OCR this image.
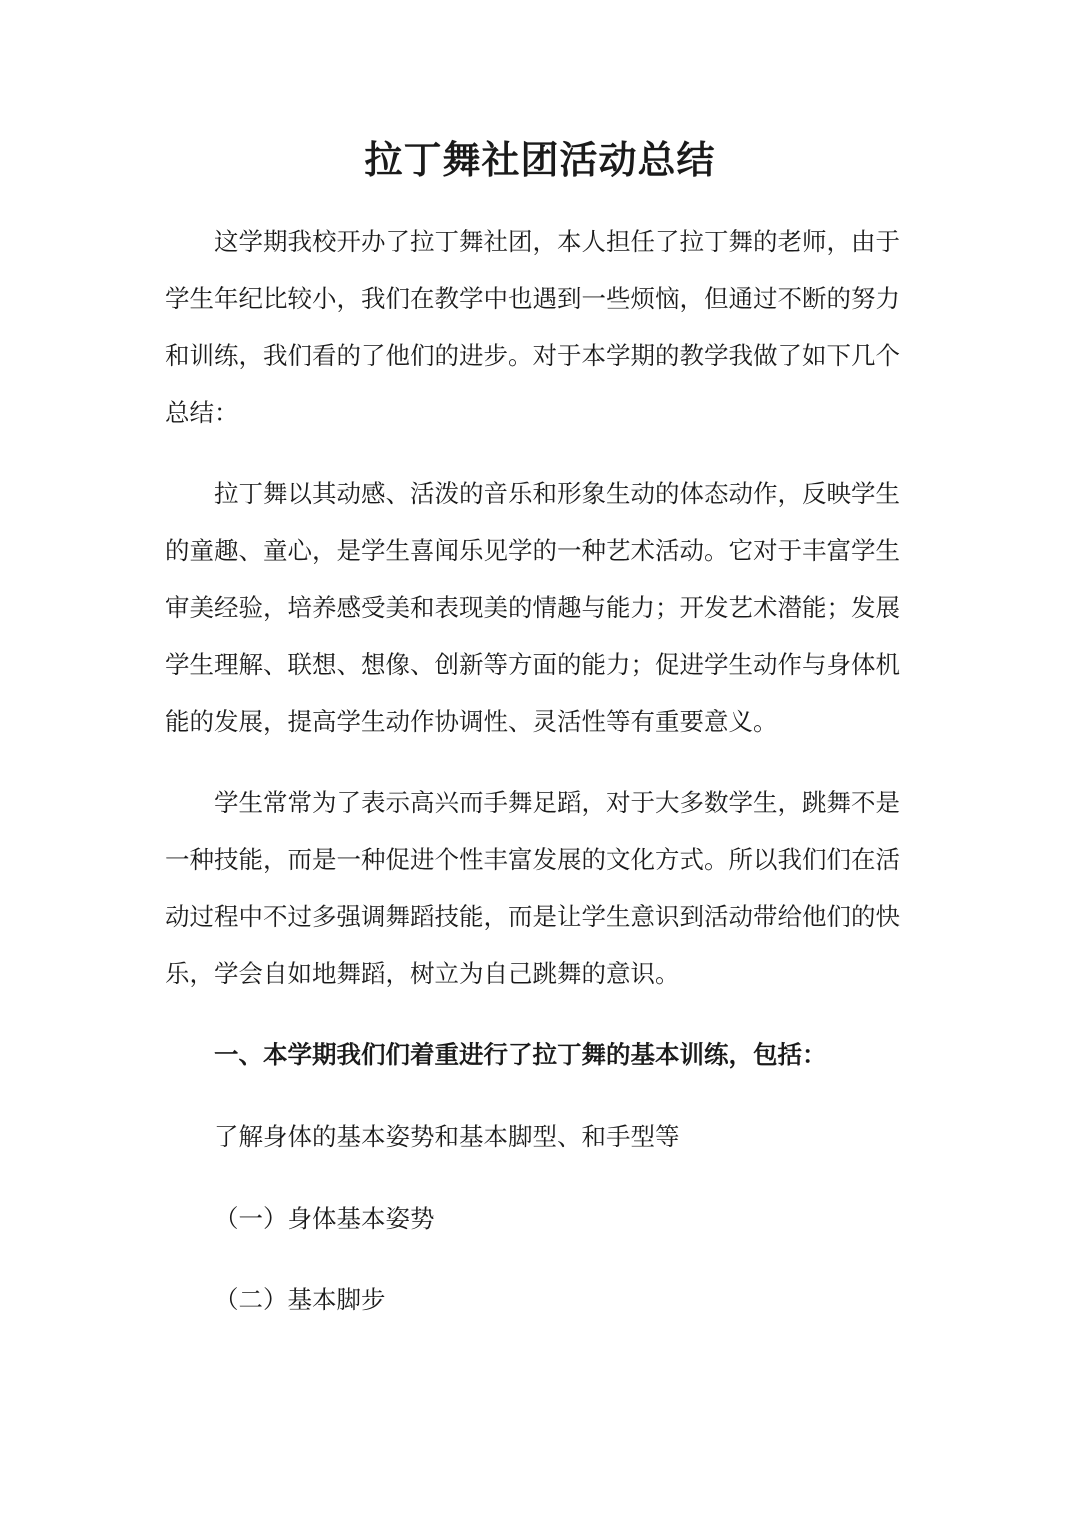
拉丁舞社团活动总结

这学期我校开办了拉丁舞社团，本人担任了拉丁舞的老师，由于
学生年纪比较小，我们在教学中也遇到一些烦恼，但通过不断的努力
和训练，我们看的了他们的进步。对于本学期的教学我做了如下几个
总结：

拉丁舞以其动感、活泼的音乐和形象生动的体态动作，反映学生
的童趣、童心，是学生喜闻乐见学的一种艺术活动。它对于丰富学生
审美经验，培养感受美和表现美的情趣与能力；开发艺术潜能；发展
学生理解、联想、想像、创新等方面的能力；促进学生动作与身体机
能的发展，提高学生动作协调性、灵活性等有重要意义。

学生常常为了表示高兴而手舞足蹈，对于大多数学生，跳舞不是
一种技能，而是一种促进个性丰富发展的文化方式。所以我们们在活
动过程中不过多强调舞蹈技能，而是让学生意识到活动带给他们的快
乐，学会自如地舞蹈，树立为自己跳舞的意识。

一、本学期我们们着重进行了拉丁舞的基本训练，包括：

了解身体的基本姿势和基本脚型、和手型等

（一）身体基本姿势

（二）基本脚步
